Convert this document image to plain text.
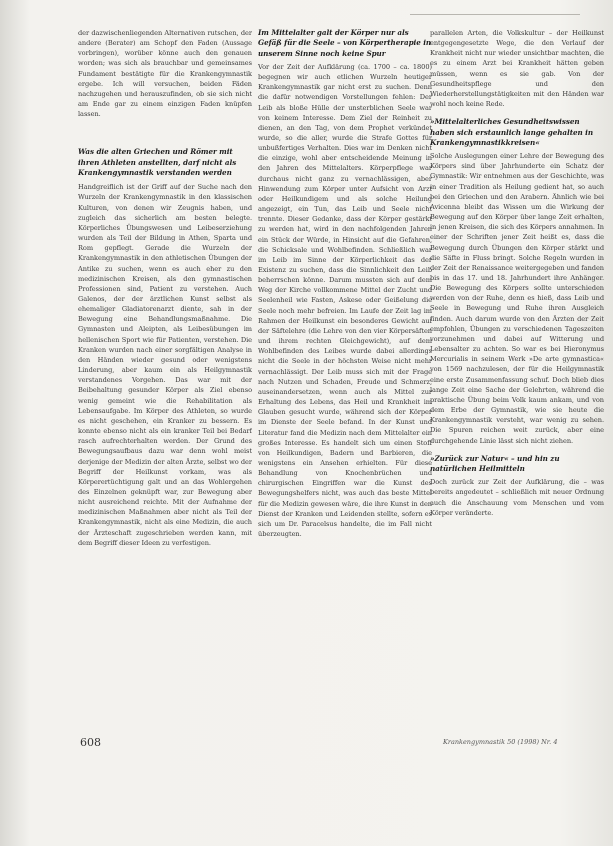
der dazwischenliegenden Alternativen rutschen, der andere (Berater) am Schopf den Faden (Aussage vorbringen), worüber könne auch den genauen worden; was sich als brauchbar und gemeinsames Fundament bestätigte für die Krankengymnastik ergebe. Ich will versuchen, beiden Fäden nachzugehen und herauszufinden, ob sie sich nicht am Ende gar zu einem einzigen Faden knüpfen lassen.

Was die alten Griechen und Römer mit ihren Athleten anstellten, darf nicht als Krankengymnastik verstanden werden

Handgreiflich ist der Griff auf der Suche nach den Wurzeln der Krankengymnastik in den klassischen Kulturen, von denen wir Zeugnis haben, und zugleich das sicherlich am besten belegte. Körperliches Übungswesen und Leibeserziehung wurden als Teil der Bildung in Athen, Sparta und Rom gepflegt. Gerade die Wurzeln der Krankengymnastik in den athletischen Übungen der Antike zu suchen, wenn es auch eher zu den medizinischen Kreisen, als den gymnastischen Professionen sind, Patient zu verstehen. Auch Galenos, der der ärztlichen Kunst selbst als ehemaliger Gladiatorenarzt diente, sah in der Bewegung eine Behandlungsmaßnahme. Die Gymnasten und Aleipten, als Leibesübungen im hellenischen Sport wie für Patienten, verstehen. Die Kranken wurden nach einer sorgfältigen Analyse in den Händen wieder gesund oder wenigstens Linderung, aber kaum ein als Heilgymnastik verstandenes Vorgehen. Das war mit der Beibehaltung gesunder Körper als Ziel ebenso wenig gemeint wie die Rehabilitation als Lebensaufgabe. Im Körper des Athleten, so wurde es nicht geschehen, ein Kranker zu bessern. Es konnte ebenso nicht als ein kranker Teil bei Bedarf rasch aufrechterhalten werden. Der Grund des Bewegungsaufbaus dazu war denn wohl meist derjenige der Medizin der alten Ärzte, selbst wo der Begriff der Heilkunst vorkam, was als Körperertüchtigung galt und an das Wohlergehen des Einzelnen geknüpft war, zur Bewegung aber nicht ausreichend reichte. Mit der Aufnahme der medizinischen Maßnahmen aber nicht als Teil der Krankengymnastik, nicht als eine Medizin, die auch der Ärzteschaft zugeschrieben werden kann, mit dem Begriff dieser Ideen zu verfestigen.

Im Mittelalter galt der Körper nur als Gefäß für die Seele – von Körpertherapie in unserem Sinne noch keine Spur

Vor der Zeit der Aufklärung (ca. 1700 – ca. 1800) begegnen wir auch etlichen Wurzeln heutiger Krankengymnastik gar nicht erst zu suchen. Denn die dafür notwendigen Vorstellungen fehlen: Der Leib als bloße Hülle der unsterblichen Seele war von keinem Interesse. Dem Ziel der Reinheit zu dienen, an den Tag, von dem Prophet verkündet wurde, so die aller, wurde die Strafe Gottes für unbußfertiges Verhalten. Dies war im Denken nicht die einzige, wohl aber entscheidende Meinung in den Jahren des Mittelalters. Körperpflege war durchaus nicht ganz zu vernachlässigen, aber Hinwendung zum Körper unter Aufsicht von Arzt oder Heilkundigem und als solche Heilung angezeigt, ein Tun, das Leib und Seele nicht trennte. Dieser Gedanke, dass der Körper gestärkt zu werden hat, wird in den nachfolgenden Jahren ein Stück der Würde, in Hinsicht auf die Gefahren, die Schicksale und Wohlbefinden. Schließlich war im Leib im Sinne der Körperlichkeit das der Existenz zu suchen, dass die Sinnlichkeit den Leib beherrschen könne. Darum mussten sich auf dem Weg der Kirche vollkommene Mittel der Zucht und Seelenheil wie Fasten, Askese oder Geißelung die Seele noch mehr befreien. Im Laufe der Zeit lag im Rahmen der Heilkunst ein besonderes Gewicht auf der Säftelehre (die Lehre von den vier Körpersäften und ihrem rechten Gleichgewicht), auf dem Wohlbefinden des Leibes wurde dabei allerdings nicht die Seele in der höchsten Weise nicht mehr vernachlässigt. Der Leib muss sich mit der Frage nach Nutzen und Schaden, Freude und Schmerz, auseinandersetzen, wenn auch als Mittel zur Erhaltung des Lebens, das Heil und Krankheit im Glauben gesucht wurde, während sich der Körper im Dienste der Seele befand. In der Kunst und Literatur fand die Medizin nach dem Mittelalter ein großes Interesse. Es handelt sich um einen Stoff von Heilkundigen, Badern und Barbieren, die wenigstens ein Ansehen erhielten. Für diese Behandlung von Knochenbrüchen und chirurgischen Eingriffen war die Kunst des Bewegungshelfers nicht, was auch das beste Mittel für die Medizin gewesen wäre, die ihre Kunst in den Dienst der Kranken und Leidenden stellte, sofern es sich um Dr. Paracelsus handelte, die im Fall nicht überzeugten.

parallelen Arten, die Volkskultur – der Heilkunst entgegengesetzte Wege, die den Verlauf der Krankheit nicht nur wieder unsichtbar machten, die es zu einem Arzt bei Krankheit hätten geben müssen, wenn es sie gab. Von der Gesundheitspflege und den Wiederherstellungstätigkeiten mit den Händen war wohl noch keine Rede.

»Mittelalterliches Gesundheitswissen haben sich erstaunlich lange gehalten in Krankengymnastikkreisen«

Solche Auslegungen einer Lehre der Bewegung des Körpers sind über Jahrhunderte ein Schatz der Gymnastik: Wir entnehmen aus der Geschichte, was in einer Tradition als Heilung gedient hat, so auch bei den Griechen und den Arabern. Ähnlich wie bei Avicenna bleibt das Wissen um die Wirkung der Bewegung auf den Körper über lange Zeit erhalten, in jenen Kreisen, die sich des Körpers annahmen. In einer der Schriften jener Zeit heißt es, dass die Bewegung durch Übungen den Körper stärkt und die Säfte in Fluss bringt. Solche Regeln wurden in der Zeit der Renaissance weitergegeben und fanden bis in das 17. und 18. Jahrhundert ihre Anhänger. Die Bewegung des Körpers sollte unterschieden werden von der Ruhe, denn es hieß, dass Leib und Seele in Bewegung und Ruhe ihren Ausgleich finden. Auch darum wurde von den Ärzten der Zeit empfohlen, Übungen zu verschiedenen Tageszeiten vorzunehmen und dabei auf Witterung und Lebensalter zu achten. So war es bei Hieronymus Mercurialis in seinem Werk »De arte gymnastica« von 1569 nachzulesen, der für die Heilgymnastik eine erste Zusammenfassung schuf. Doch blieb dies lange Zeit eine Sache der Gelehrten, während die praktische Übung beim Volk kaum ankam, und von dem Erbe der Gymnastik, wie sie heute die Krankengymnastik versteht, war wenig zu sehen. Die Spuren reichen weit zurück, aber eine durchgehende Linie lässt sich nicht ziehen.

»Zurück zur Natur« – und hin zu natürlichen Heilmitteln

Doch zurück zur Zeit der Aufklärung, die – was bereits angedeutet – schließlich mit neuer Ordnung auch die Anschauung vom Menschen und vom Körper veränderte.

608	Krankengymnastik 50 (1998) Nr. 4
